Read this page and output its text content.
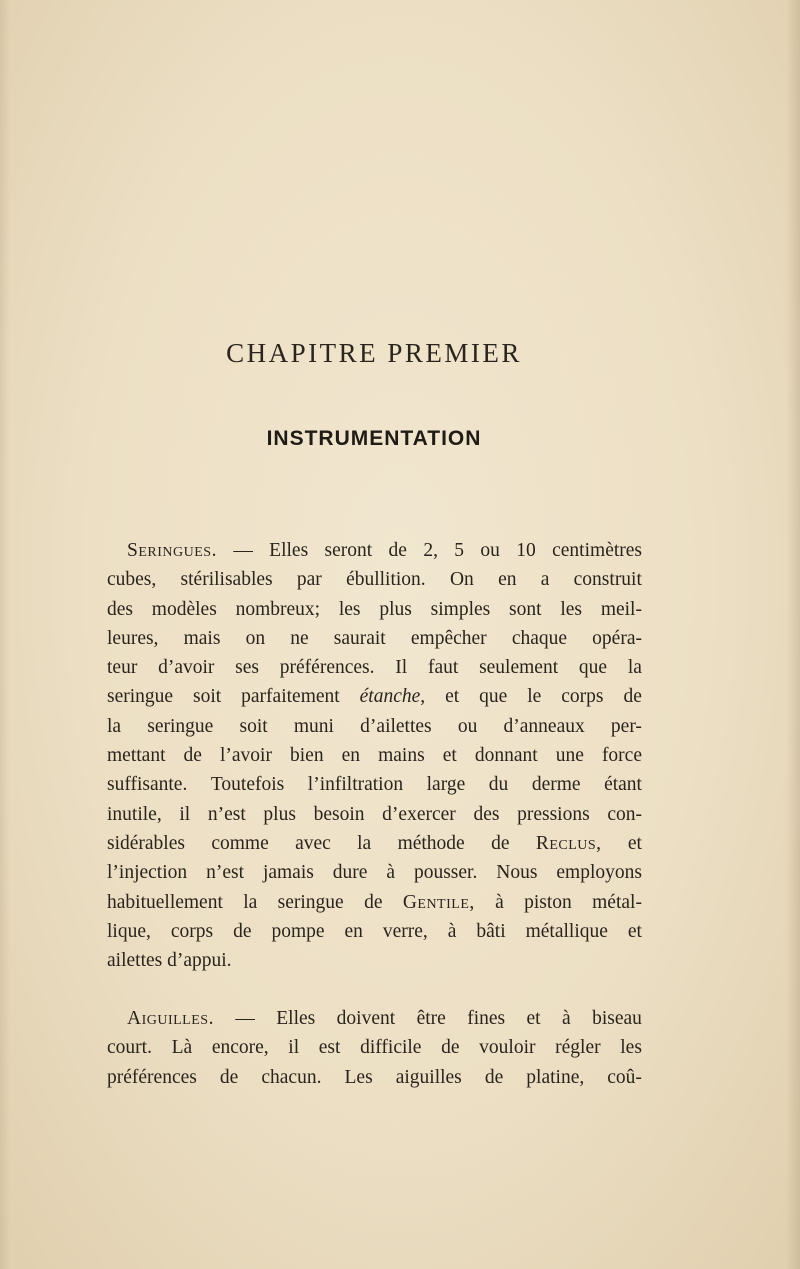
CHAPITRE PREMIER
INSTRUMENTATION
Seringues. — Elles seront de 2, 5 ou 10 centimètres
cubes, stérilisables par ébullition. On en a construit
des modèles nombreux; les plus simples sont les meil-
leures, mais on ne saurait empêcher chaque opéra-
teur d’avoir ses préférences. Il faut seulement que la
seringue soit parfaitement étanche, et que le corps de
la seringue soit muni d’ailettes ou d’anneaux per-
mettant de l’avoir bien en mains et donnant une force
suffisante. Toutefois l’infiltration large du derme étant
inutile, il n’est plus besoin d’exercer des pressions con-
sidérables comme avec la méthode de Reclus, et
l’injection n’est jamais dure à pousser. Nous employons
habituellement la seringue de Gentile, à piston métal-
lique, corps de pompe en verre, à bâti métallique et
ailettes
d’appui.
Aiguilles. — Elles doivent être fines et à biseau
court. Là encore, il est difficile de vouloir régler les
préférences de chacun. Les aiguilles de platine, coû-
